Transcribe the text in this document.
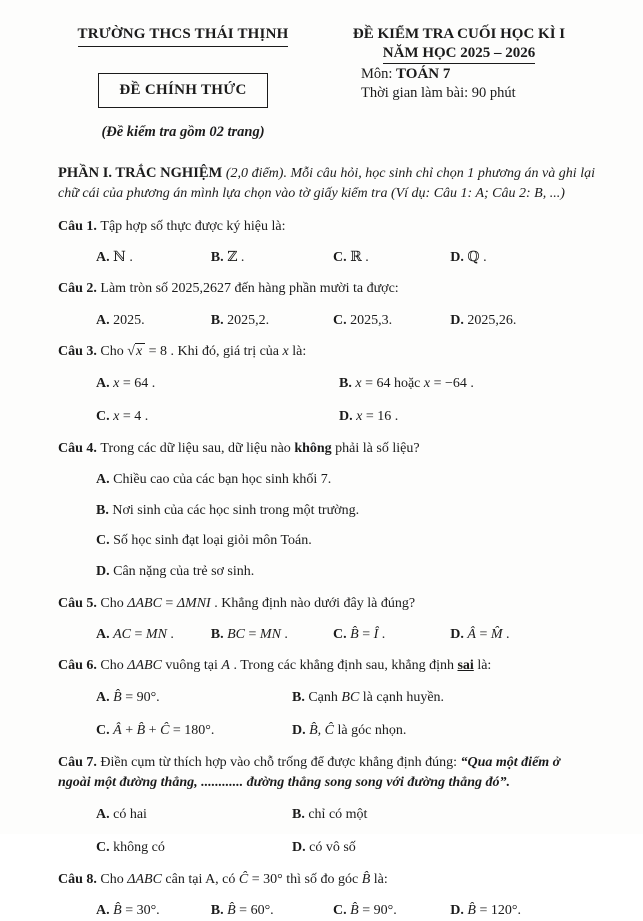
TRƯỜNG THCS THÁI THỊNH
ĐỀ CHÍNH THỨC
(Đề kiểm tra gồm 02 trang)
ĐỀ KIỂM TRA CUỐI HỌC KÌ I
NĂM HỌC 2025 – 2026
Môn: TOÁN 7
Thời gian làm bài: 90 phút
PHẦN I. TRẮC NGHIỆM (2,0 điểm). Mỗi câu hỏi, học sinh chỉ chọn 1 phương án và ghi lại chữ cái của phương án mình lựa chọn vào tờ giấy kiểm tra (Ví dụ: Câu 1: A; Câu 2: B, ...)
Câu 1. Tập hợp số thực được ký hiệu là:
A. ℕ .	B. ℤ .	C. ℝ .	D. ℚ .
Câu 2. Làm tròn số 2025,2627 đến hàng phần mười ta được:
A. 2025.	B. 2025,2.	C. 2025,3.	D. 2025,26.
Câu 3. Cho √x = 8 . Khi đó, giá trị của x là:
A. x = 64 .	B. x = 64 hoặc x = −64 .
C. x = 4 .	D. x = 16 .
Câu 4. Trong các dữ liệu sau, dữ liệu nào không phải là số liệu?
A. Chiều cao của các bạn học sinh khối 7.
B. Nơi sinh của các học sinh trong một trường.
C. Số học sinh đạt loại giỏi môn Toán.
D. Cân nặng của trẻ sơ sinh.
Câu 5. Cho ΔABC = ΔMNI . Khẳng định nào dưới đây là đúng?
A. AC = MN .	B. BC = MN .	C. B̂ = Î .	D. Â = M̂ .
Câu 6. Cho ΔABC vuông tại A . Trong các khẳng định sau, khẳng định sai là:
A. B̂ = 90°.	B. Cạnh BC là cạnh huyền.
C. Â + B̂ + Ĉ = 180°.	D. B̂, Ĉ là góc nhọn.
Câu 7. Điền cụm từ thích hợp vào chỗ trống để được khẳng định đúng: “Qua một điểm ở ngoài một đường thẳng, ............ đường thẳng song song với đường thẳng đó”.
A. có hai	B. chỉ có một
C. không có	D. có vô số
Câu 8. Cho ΔABC cân tại A, có Ĉ = 30° thì số đo góc B̂ là:
A. B̂ = 30°.	B. B̂ = 60°.	C. B̂ = 90°.	D. B̂ = 120°.
